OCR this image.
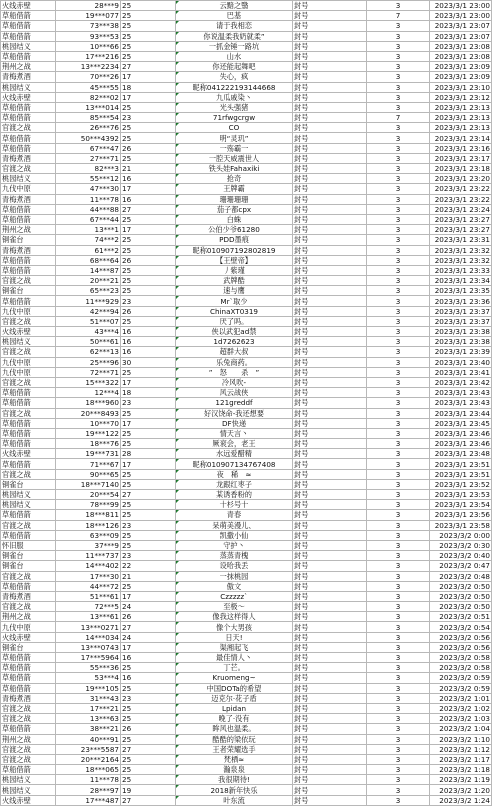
火线赤壁	28***9	25	云黯之翳	封号	3	2023/3/1 23:00
草船借箭	19***077	25	巴基	封号	7	2023/3/1 23:00
草船借箭	73***38	25	请于我相恋	封号	3	2023/3/1 23:07
草船借箭	93***53	25	你说温柔我奶就柔”	封号	3	2023/3/1 23:07
桃园结义	10***66	25	一抓金锤一路坑	封号	3	2023/3/1 23:08
草船借箭	17***216	25	山水	封号	3	2023/3/1 23:08
荆州之战	13***2234	27	你还能起舞吧	封号	3	2023/3/1 23:09
青梅煮酒	70***26	17	失心，疯	封号	3	2023/3/1 23:09
桃园结义	45***55	18	昵称041222193144668	封号	3	2023/3/1 23:10
火线赤壁	82***02	17	九瓜戚染丶	封号	3	2023/3/1 23:12
草船借箭	13***014	25	光头强猪	封号	3	2023/3/1 23:13
草船借箭	85***54	23	71rfwgcrgw	封号	7	2023/3/1 23:13
官渡之战	26***76	25	CO	封号	3	2023/3/1 23:13
草船借箭	50***4392	25	明“灵玑”	封号	3	2023/3/1 23:14
草船借箭	67***47	26	一殇霸一	封号	3	2023/3/1 23:16
青梅煮酒	27***71	25	一腔天威震世人	封号	3	2023/3/1 23:17
官渡之战	82***3	21	铁头娃Fahaxiki	封号	3	2023/3/1 23:18
桃园结义	55***12	16	抢奇	封号	3	2023/3/1 23:20
九伐中原	47***30	17	王牌霸	封号	3	2023/3/1 23:22
青梅煮酒	11***78	16	珊珊珊珊	封号	3	2023/3/1 23:22
草船借箭	44***88	27	茄子都cpx	封号	3	2023/3/1 23:24
草船借箭	67***44	25	白蛛	封号	3	2023/3/1 23:27
荆州之战	13***1	17	公伯少爷61280	封号	3	2023/3/1 23:27
铜雀台	74***2	25	PDD墨痕	封号	3	2023/3/1 23:31
青梅煮酒	61***2	25	昵称010907192802819	封号	3	2023/3/1 23:32
草船借箭	68***64	26	【王壁帝】	封号	3	2023/3/1 23:32
草船借箭	14***87	25	丿紫瑾	封号	3	2023/3/1 23:33
官渡之战	20***21	25	武牌酷	封号	3	2023/3/1 23:34
铜雀台	65***23	25	速与鹰	封号	3	2023/3/1 23:35
草船借箭	11***929	23	Mr`取少	封号	3	2023/3/1 23:36
九伐中原	42***94	26	ChinaXT0319	封号	3	2023/3/1 23:37
官渡之战	51***07	25	厌了吗。	封号	3	2023/3/1 23:37
火线赤壁	43***4	16	侠以武犯ad禁	封号	3	2023/3/1 23:38
桃园结义	50***61	16	1d7262623	封号	3	2023/3/1 23:38
官渡之战	62***13	16	超群大叔	封号	3	2023/3/1 23:39
九伐中原	25***96	30	乐兔商药。	封号	3	2023/3/1 23:40
九伐中原	72***71	25	”　怒　　杀　”	封号	3	2023/3/1 23:41
官渡之战	15***322	17	冷风吹-	封号	3	2023/3/1 23:42
草船借箭	12***4	18	风云战侠	封号	3	2023/3/1 23:43
草船借箭	18***960	23	121greddf	封号	3	2023/3/1 23:43
官渡之战	20***8493	25	好汉饶命-我还想要	封号	3	2023/3/1 23:44
草船借箭	10***70	17	DF快递	封号	3	2023/3/1 23:45
草船借箭	19***122	25	情天言丶	封号	3	2023/3/1 23:46
草船借箭	18***76	25	厥衮会，老王	封号	3	2023/3/1 23:46
火线赤壁	19***731	28	水远爱醋精	封号	3	2023/3/1 23:48
草船借箭	71***67	17	昵称010907134767408	封号	3	2023/3/1 23:51
官渡之战	90***65	25	夜　稀　≈	封号	3	2023/3/1 23:51
铜雀台	18***7140	25	龙跟红枣子	封号	3	2023/3/1 23:52
桃园结义	20***54	27	某诱香粉的	封号	3	2023/3/1 23:53
桃园结义	78***99	25	十杉号十	封号	3	2023/3/1 23:54
草船借箭	18***811	25	青春	封号	3	2023/3/1 23:56
官渡之战	18***126	23	呆萌美漫儿、	封号	3	2023/3/1 23:58
草船借箭	63***09	25	凯撒小仙	封号	3	2023/3/2 0:00
怀旧服	37***9	25	守护丶	封号	3	2023/3/2 0:30
铜雀台	11***737	23	蒸蒸青槐	封号	3	2023/3/2 0:40
铜雀台	14***402	22	设哈我丢	封号	3	2023/3/2 0:47
官渡之战	17***30	21	一抹桃园	封号	3	2023/3/2 0:48
草船借箭	44***72	25	傲文	封号	3	2023/3/2 0:50
青梅煮酒	51***61	17	Czzzzz`	封号	3	2023/3/2 0:50
官渡之战	72***5	24	至极～	封号	3	2023/3/2 0:50
荆州之战	13***61	26	像我这样得人	封号	3	2023/3/2 0:51
九伐中原	13***0271	27	像个大男孩	封号	3	2023/3/2 0:54
火线赤壁	14***034	24	日天!	封号	3	2023/3/2 0:56
铜雀台	13***0743	17	渠湘起飞	封号	3	2023/3/2 0:56
草船借箭	17***5964	16	最佳情人丶	封号	3	2023/3/2 0:58
草船借箭	55***36	25	丁芒。	封号	3	2023/3/2 0:58
草船借箭	53***4	16	Kruomeng~	封号	3	2023/3/2 0:59
草船借箭	19***105	25	中国DOTa的希望	封号	3	2023/3/2 0:59
青梅煮酒	31***43	23	迈克尔·花子盾	封号	3	2023/3/2 1:01
官渡之战	17***21	25	Lpidan	封号	3	2023/3/2 1:02
官渡之战	13***63	25	晚了·没有	封号	3	2023/3/2 1:03
草船借箭	38***21	26	眸风也温柔。	封号	3	2023/3/2 1:04
荆州之战	40***91	25	酷酷的梁依玩	封号	3	2023/3/2 1:10
官渡之战	23***5587	27	王者荣耀选手	封号	3	2023/3/2 1:12
官渡之战	20***2164	25	梵栖≈	封号	3	2023/3/2 1:17
草船借箭	18***065	25	瀚泉泉	封号	3	2023/3/2 1:18
桃园结义	11***78	25	我很期待!	封号	3	2023/3/2 1:19
桃园结义	28***97	19	2018新年快乐	封号	3	2023/3/2 1:20
火线赤壁	17***487	27	叶东流	封号	3	2023/3/2 1:24
